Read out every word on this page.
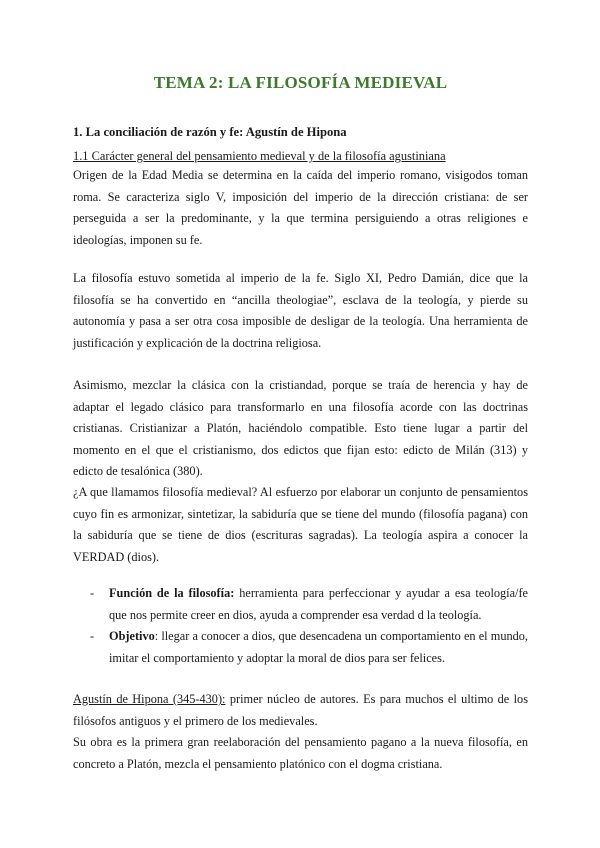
TEMA 2: LA FILOSOFÍA MEDIEVAL
1. La conciliación de razón y fe: Agustín de Hipona
1.1 Carácter general del pensamiento medieval y de la filosofía agustiniana

Origen de la Edad Media se determina en la caída del imperio romano, visigodos toman roma. Se caracteriza siglo V, imposición del imperio de la dirección cristiana: de ser perseguida a ser la predominante, y la que termina persiguiendo a otras religiones e ideologías, imponen su fe.

La filosofía estuvo sometida al imperio de la fe. Siglo XI, Pedro Damián, dice que la filosofía se ha convertido en “ancilla theologiae”, esclava de la teología, y pierde su autonomía y pasa a ser otra cosa imposible de desligar de la teología. Una herramienta de justificación y explicación de la doctrina religiosa.

Asimismo, mezclar la clásica con la cristiandad, porque se traía de herencia y hay de adaptar el legado clásico para transformarlo en una filosofía acorde con las doctrinas cristianas. Cristianizar a Platón, haciéndolo compatible. Esto tiene lugar a partir del momento en el que el cristianismo, dos edictos que fijan esto: edicto de Milán (313) y edicto de tesalónica (380).

¿A que llamamos filosofía medieval? Al esfuerzo por elaborar un conjunto de pensamientos cuyo fin es armonizar, sintetizar, la sabiduría que se tiene del mundo (filosofía pagana) con la sabiduría que se tiene de dios (escrituras sagradas). La teología aspira a conocer la VERDAD (dios).

- Función de la filosofía: herramienta para perfeccionar y ayudar a esa teología/fe que nos permite creer en dios, ayuda a comprender esa verdad d la teología.
- Objetivo: llegar a conocer a dios, que desencadena un comportamiento en el mundo, imitar el comportamiento y adoptar la moral de dios para ser felices.

Agustín de Hipona (345-430): primer núcleo de autores. Es para muchos el ultimo de los filósofos antiguos y el primero de los medievales.

Su obra es la primera gran reelaboración del pensamiento pagano a la nueva filosofía, en concreto a Platón, mezcla el pensamiento platónico con el dogma cristiana.
